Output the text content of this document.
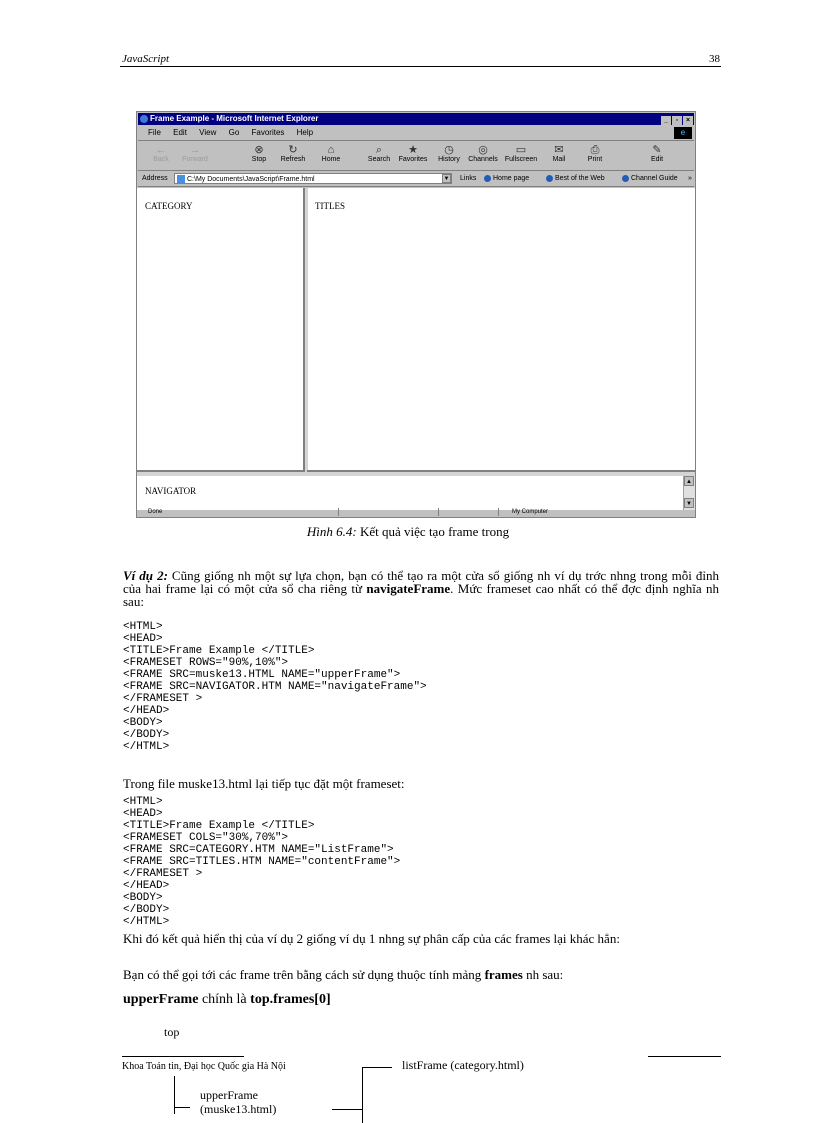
JavaScript	38
Frame Example - Microsoft Internet Explorer	_ ▫ ×
File Edit View Go Favorites Help	e
←
Back
→
Forward
⊗
Stop
↻
Refresh
⌂
Home
⌕
Search
★
Favorites
◷
History
◎
Channels
▭
Fullscreen
✉
Mail
⎙
Print
✎
Edit
Address	C:\My Documents\JavaScript\Frame.html	▼ Links	Home page	Best of the Web	Channel Guide »
CATEGORY	TITLES
NAVIGATOR
▲
▼
Done	My Computer
Hình 6.4: Kết quả việc tạo frame trong
Ví dụ 2: Cũng giống nh một sự lựa chọn, bạn có thể tạo ra một cửa sổ giống nh ví dụ trớc nhng trong mỗi đỉnh của hai frame lại có một cửa sổ cha riêng từ navigateFrame. Mức frameset cao nhất có thể đợc định nghĩa nh sau:
<HTML>
<HEAD>
<TITLE>Frame Example </TITLE>
<FRAMESET ROWS="90%,10%">
<FRAME SRC=muske13.HTML NAME="upperFrame">
<FRAME SRC=NAVIGATOR.HTM NAME="navigateFrame">
</FRAMESET >
</HEAD>
<BODY>
</BODY>
</HTML>
Trong file muske13.html lại tiếp tục đặt một frameset:
<HTML>
<HEAD>
<TITLE>Frame Example </TITLE>
<FRAMESET COLS="30%,70%">
<FRAME SRC=CATEGORY.HTM NAME="ListFrame">
<FRAME SRC=TITLES.HTM NAME="contentFrame">
</FRAMESET >
</HEAD>
<BODY>
</BODY>
</HTML>
Khi đó kết quả hiển thị của ví dụ 2 giống ví dụ 1 nhng sự phân cấp của các frames lại khác hẳn:
Bạn có thể gọi tới các frame trên bằng cách sử dụng thuộc tính mảng frames nh sau:
upperFrame chính là top.frames[0]
top
Khoa Toán tin, Đại học Quốc gia Hà Nội	listFrame (category.html)
upperFrame
(muske13.html)
